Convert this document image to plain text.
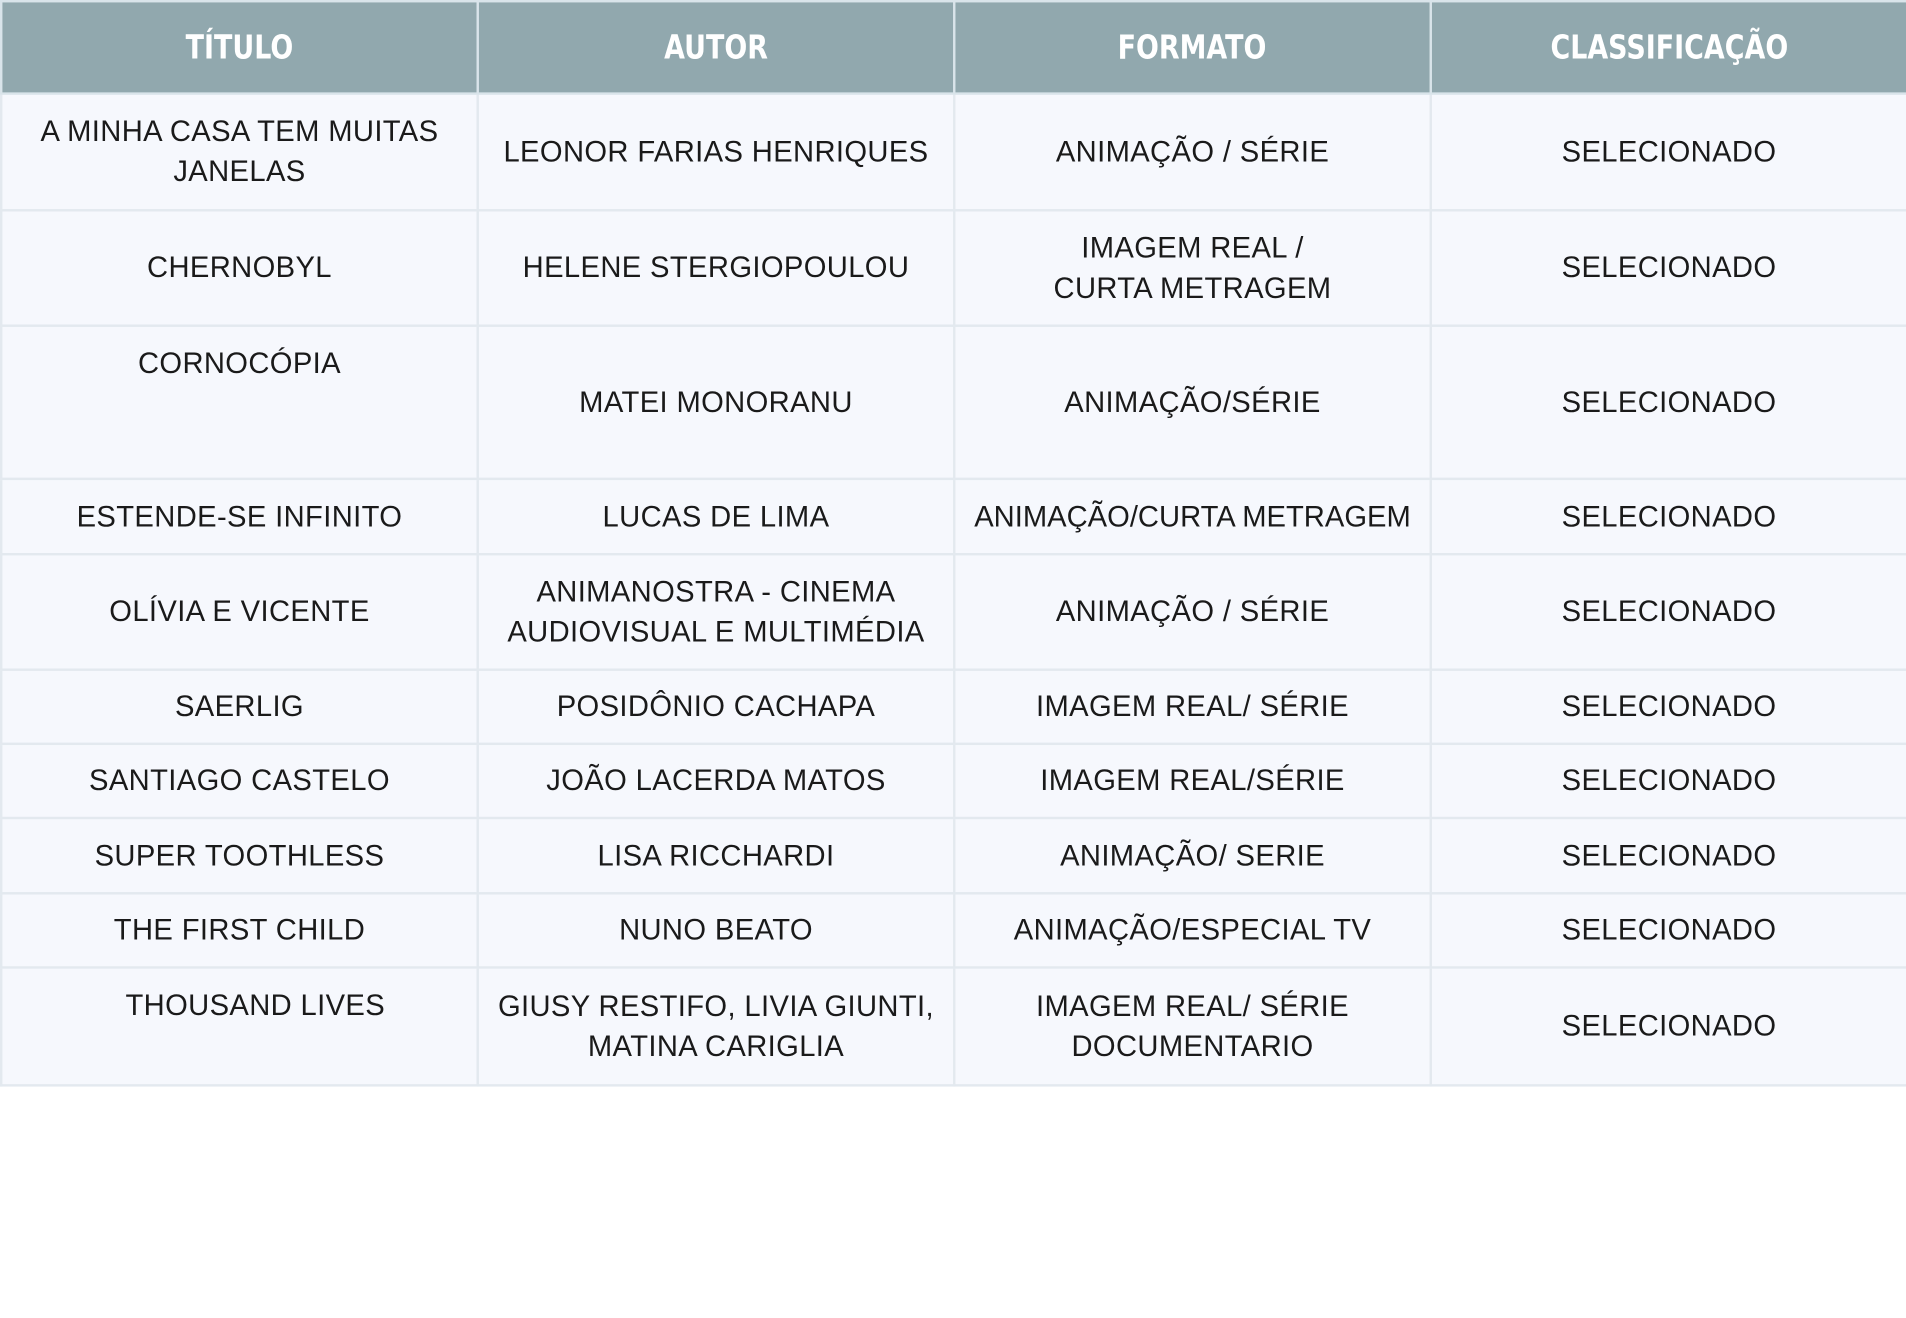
TÍTULO	AUTOR	FORMATO	CLASSIFICAÇÃO
A MINHA CASA TEM MUITAS JANELAS	LEONOR FARIAS HENRIQUES	ANIMAÇÃO / SÉRIE	SELECIONADO
CHERNOBYL	HELENE STERGIOPOULOU	IMAGEM REAL / CURTA METRAGEM	SELECIONADO
CORNOCÓPIA	MATEI MONORANU	ANIMAÇÃO/SÉRIE	SELECIONADO
ESTENDE-SE INFINITO	LUCAS DE LIMA	ANIMAÇÃO/CURTA METRAGEM	SELECIONADO
OLÍVIA E VICENTE	ANIMANOSTRA - CINEMA AUDIOVISUAL E MULTIMÉDIA	ANIMAÇÃO / SÉRIE	SELECIONADO
SAERLIG	POSIDÔNIO CACHAPA	IMAGEM REAL/ SÉRIE	SELECIONADO
SANTIAGO CASTELO	JOÃO LACERDA MATOS	IMAGEM REAL/SÉRIE	SELECIONADO
SUPER TOOTHLESS	LISA RICCHARDI	ANIMAÇÃO/ SERIE	SELECIONADO
THE FIRST CHILD	NUNO BEATO	ANIMAÇÃO/ESPECIAL TV	SELECIONADO
THOUSAND LIVES	GIUSY RESTIFO, LIVIA GIUNTI, MATINA CARIGLIA	IMAGEM REAL/ SÉRIE DOCUMENTARIO	SELECIONADO
